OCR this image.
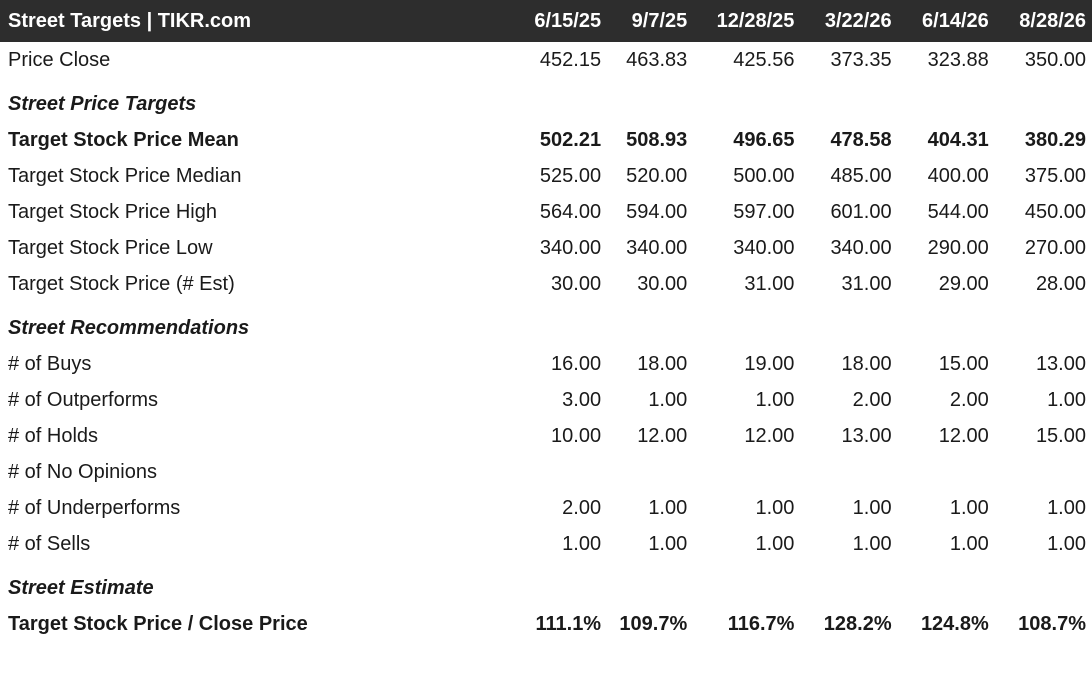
Street Targets | TIKR.com	6/15/25	9/7/25	12/28/25	3/22/26	6/14/26	8/28/26
Price Close	452.15	463.83	425.56	373.35	323.88	350.00
Street Price Targets						
Target Stock Price Mean	502.21	508.93	496.65	478.58	404.31	380.29
Target Stock Price Median	525.00	520.00	500.00	485.00	400.00	375.00
Target Stock Price High	564.00	594.00	597.00	601.00	544.00	450.00
Target Stock Price Low	340.00	340.00	340.00	340.00	290.00	270.00
Target Stock Price (# Est)	30.00	30.00	31.00	31.00	29.00	28.00
Street Recommendations						
# of Buys	16.00	18.00	19.00	18.00	15.00	13.00
# of Outperforms	3.00	1.00	1.00	2.00	2.00	1.00
# of Holds	10.00	12.00	12.00	13.00	12.00	15.00
# of No Opinions						
# of Underperforms	2.00	1.00	1.00	1.00	1.00	1.00
# of Sells	1.00	1.00	1.00	1.00	1.00	1.00
Street Estimate						
Target Stock Price / Close Price	111.1%	109.7%	116.7%	128.2%	124.8%	108.7%
